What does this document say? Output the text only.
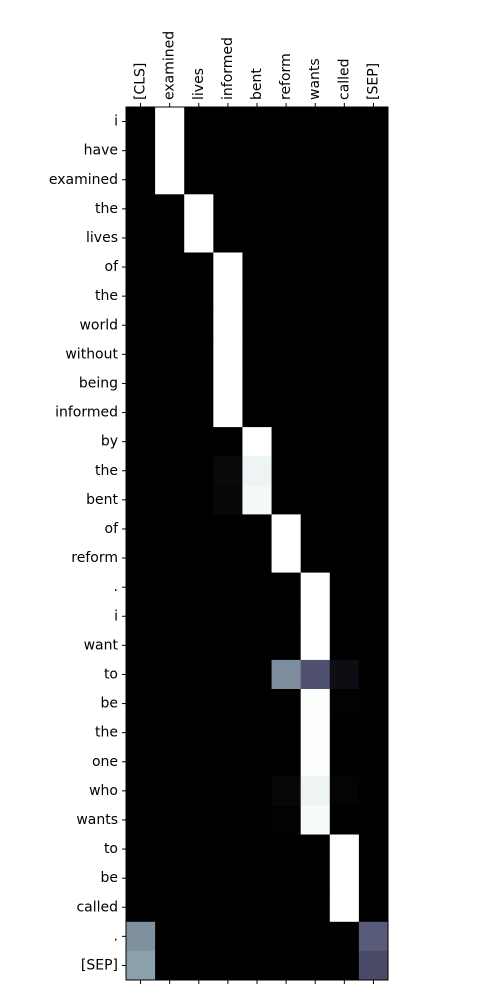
[CLS] examined lives informed bent reform wants called [SEP]
i
have
examined
the
lives
of
the
world
without
being
informed
by
the
bent
of
reform
.
i
want
to
be
the
one
who
wants
to
be
called
.
[SEP]
